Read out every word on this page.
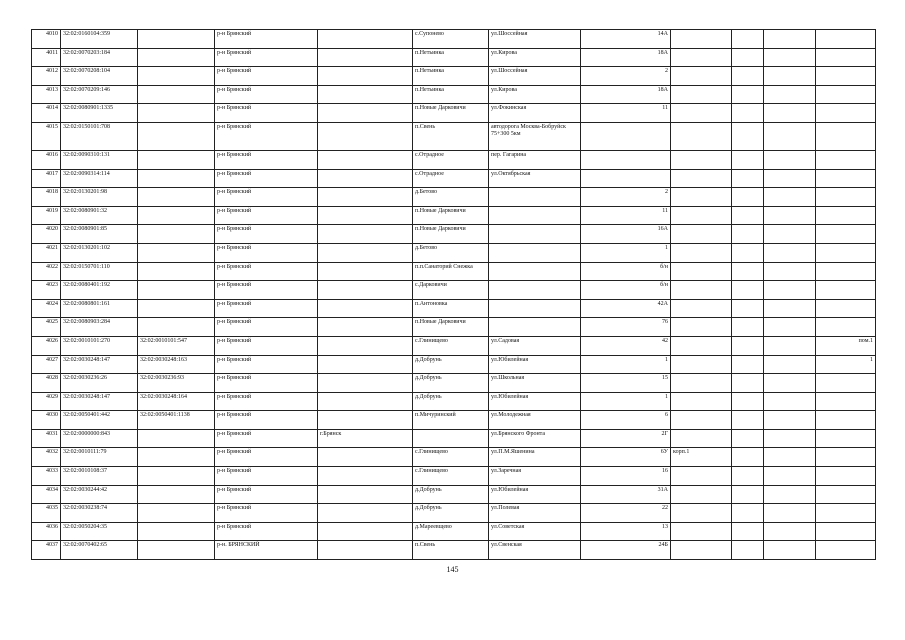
4010	32:02:0160104:359		р-н Брянский		с.Супонево	ул.Шоссейная	14А				
4011	32:02:0070203:184		р-н Брянский		п.Нетьинка	ул.Кирова	18А				
4012	32:02:0070208:104		р-н Брянский		п.Нетьинка	ул.Шоссейная	2				
4013	32:02:0070209:146		р-н Брянский		п.Нетьинка	ул.Кирова	18А				
4014	32:02:0080901:1335		р-н Брянский		п.Новые Дарковичи	ул.Фокинская	11				
4015	32:02:0150101:708		р-н Брянский		п.Свень	автодорога Москва-Бобруйск 75+300 5км					
4016	32:02:0090310:131		р-н Брянский		с.Отрадное	пер. Гагарина					
4017	32:02:0090314:114		р-н Брянский		с.Отрадное	ул.Октябрьская					
4018	32:02:0130201:98		р-н Брянский		д.Бетово		2				
4019	32:02:0080901:32		р-н Брянский		п.Новые Дарковичи		11				
4020	32:02:0080901:85		р-н Брянский		п.Новые Дарковичи		16А				
4021	32:02:0130201:102		р-н Брянский		д.Бетово		1				
4022	32:02:0150701:110		р-н Брянский		п.п.Санаторий Снежка		б/н				
4023	32:02:0080401:192		р-н Брянский		с.Дарковичи		б/н				
4024	32:02:0080801:161		р-н Брянский		п.Антоновка		42А				
4025	32:02:0080903:284		р-н Брянский		п.Новые Дарковичи		76				
4026	32:02:0010101:270	32:02:0010101:547	р-н Брянский		с.Глинищево	ул.Садовая	42				пом.1
4027	32:02:0030248:147	32:02:0030248:163	р-н Брянский		д.Добрунь	ул.Юбилейная	1				1
4028	32:02:0030236:26	32:02:0030236:93	р-н Брянский		д.Добрунь	ул.Школьная	15				
4029	32:02:0030248:147	32:02:0030248:164	р-н Брянский		д.Добрунь	ул.Юбилейная	1				
4030	32:02:0050401:442	32:02:0050401:1138	р-н Брянский		п.Мичуринский	ул.Молодежная	6				
4031	32:02:0000000:843		р-н Брянский	г.Брянск		ул.Брянского Фронта	2Г				
4032	32:02:0010111:79		р-н Брянский		с.Глинищево	ул.П.М.Яшенина	6У	корп.1			
4033	32:02:0010108:37		р-н Брянский		с.Глинищево	ул.Заречная	16				
4034	32:02:0030244:42		р-н Брянский		д.Добрунь	ул.Юбилейная	31А				
4035	32:02:0030238:74		р-н Брянский		д.Добрунь	ул.Полевая	22				
4036	32:02:0050204:35		р-н Брянский		д.Мареевщево	ул.Советская	13				
4037	32:02:0070402:65		р-н. БРЯНСКИЙ		п.Свень	ул.Свенская	24Б				
145
